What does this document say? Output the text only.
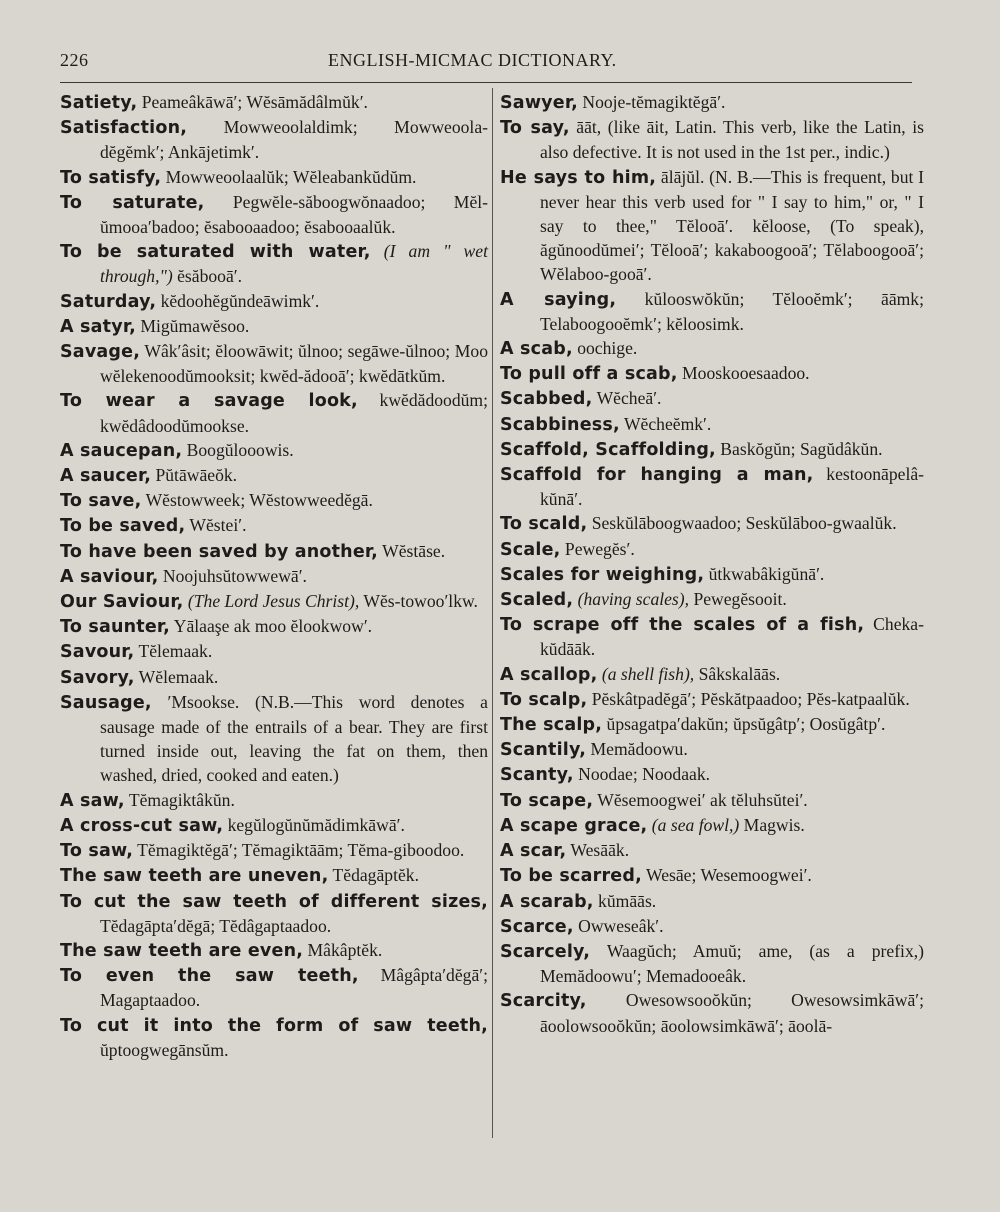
226	ENGLISH-MICMAC DICTIONARY.
Satiety, Peameâkāwā′; Wĕsāmădâlmŭk′.
Satisfaction, Mowweoolaldimk; Mowweoola-dĕgĕmk′; Ankājetimk′.
To satisfy, Mowweoolaalŭk; Wĕleabankŭdŭm.
To saturate, Pegwĕle-săboogwŏnaadoo; Mĕl-ŭmooa′badoo; ĕsabooaadoo; ĕsabooaalŭk.
To be saturated with water, (I am " wet through,") ĕsăbooā′.
Saturday, kĕdoohĕgŭndeāwimk′.
A satyr, Migŭmawĕsoo.
Savage, Wâk′âsit; ĕloowāwit; ŭlnoo; segāwe-ŭlnoo; Moo wĕlekenoodŭmooksit; kwĕd-ădooā′; kwĕdātkŭm.
To wear a savage look, kwĕdădoodŭm; kwĕdâdoodŭmookse.
A saucepan, Boogŭlooowis.
A saucer, Pŭtāwāeŏk.
To save, Wĕstowweek; Wĕstowweedĕgā.
To be saved, Wĕstei′.
To have been saved by another, Wĕstāse.
A saviour, Noojuhsŭtowwewā′.
Our Saviour, (The Lord Jesus Christ), Wĕs-towoo′lkw.
To saunter, Yālaaşe ak moo ĕlookwow′.
Savour, Tĕlemaak.
Savory, Wĕlemaak.
Sausage, ′Msookse. (N.B.—This word denotes a sausage made of the entrails of a bear. They are first turned inside out, leaving the fat on them, then washed, dried, cooked and eaten.)
A saw, Tĕmagiktâkŭn.
A cross-cut saw, kegŭlogŭnŭmădimkāwā′.
To saw, Tĕmagiktĕgā′; Tĕmagiktāām; Tĕma-giboodoo.
The saw teeth are uneven, Tĕdagāptĕk.
To cut the saw teeth of different sizes, Tĕdagāpta′dĕgā; Tĕdâgaptaadoo.
The saw teeth are even, Mâkâptĕk.
To even the saw teeth, Mâgâpta′dĕgā′; Magaptaadoo.
To cut it into the form of saw teeth, ŭptoogwegānsŭm.
Sawyer, Nooje-tĕmagiktĕgā′.
To say, āāt, (like āit, Latin. This verb, like the Latin, is also defective. It is not used in the 1st per., indic.)
He says to him, ālājŭl. (N. B.—This is frequent, but I never hear this verb used for " I say to him," or, " I say to thee," Tĕlooā′. kĕloose, (To speak), ăgŭnoodŭmei′; Tĕlooā′; kakaboogooā′; Tĕlaboogooā′; Wĕlaboo-gooā′.
A saying, kŭlooswŏkŭn; Tĕlooĕmk′; āāmk; Telaboogooĕmk′; kĕloosimk.
A scab, oochige.
To pull off a scab, Mooskooesaadoo.
Scabbed, Wĕcheā′.
Scabbiness, Wĕcheĕmk′.
Scaffold, Scaffolding, Baskŏgŭn; Sagŭdâkŭn.
Scaffold for hanging a man, kestoonāpelâ-kŭnā′.
To scald, Seskŭlāboogwaadoo; Seskŭlāboo-gwaalŭk.
Scale, Pewegĕs′.
Scales for weighing, ŭtkwabâkigŭnā′.
Scaled, (having scales), Pewegĕsooit.
To scrape off the scales of a fish, Cheka-kŭdāāk.
A scallop, (a shell fish), Sâkskalāās.
To scalp, Pĕskâtpadĕgā′; Pĕskătpaadoo; Pĕs-katpaalŭk.
The scalp, ŭpsagatpa′dakŭn; ŭpsŭgâtp′; Oosŭgâtp′.
Scantily, Memădoowu.
Scanty, Noodae; Noodaak.
To scape, Wĕsemoogwei′ ak tĕluhsŭtei′.
A scape grace, (a sea fowl,) Magwis.
A scar, Wesāāk.
To be scarred, Wesāe; Wesemoogwei′.
A scarab, kŭmāās.
Scarce, Owweseâk′.
Scarcely, Waagŭch; Amuŭ; ame, (as a prefix,) Memădoowu′; Memadooeâk.
Scarcity, Owesowsooŏkŭn; Owesowsimkāwā′; āoolowsooŏkŭn; āoolowsimkāwā′; āoolā-
